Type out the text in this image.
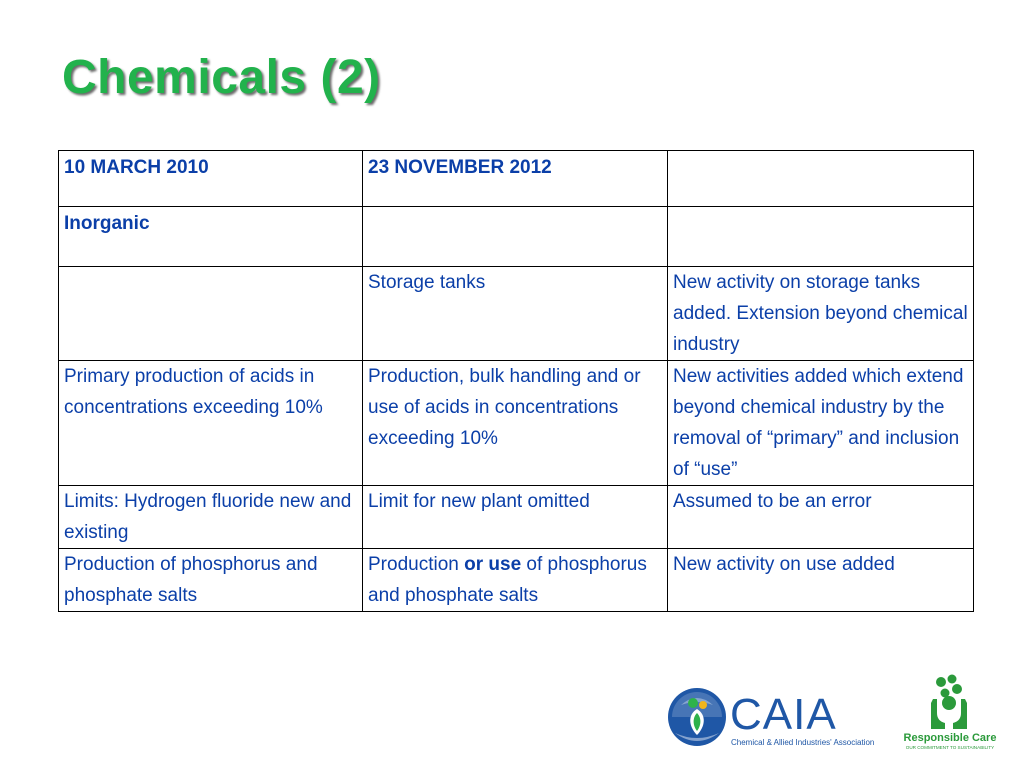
Chemicals (2)
10 MARCH 2010	23 NOVEMBER 2012	
Inorganic		
	Storage tanks	New activity on storage tanks added. Extension beyond chemical industry
Primary production of acids in concentrations exceeding 10%	Production, bulk handling and or use of acids in concentrations exceeding 10%	New activities added which extend beyond chemical industry by the removal of “primary” and inclusion of “use”
Limits: Hydrogen fluoride new and existing	Limit for new plant omitted	Assumed to be an error
Production of phosphorus and phosphate salts	Production or use of phosphorus and phosphate salts	New activity on use added
CAIA
Chemical & Allied Industries' Association	Responsible Care
OUR COMMITMENT TO SUSTAINABILITY
